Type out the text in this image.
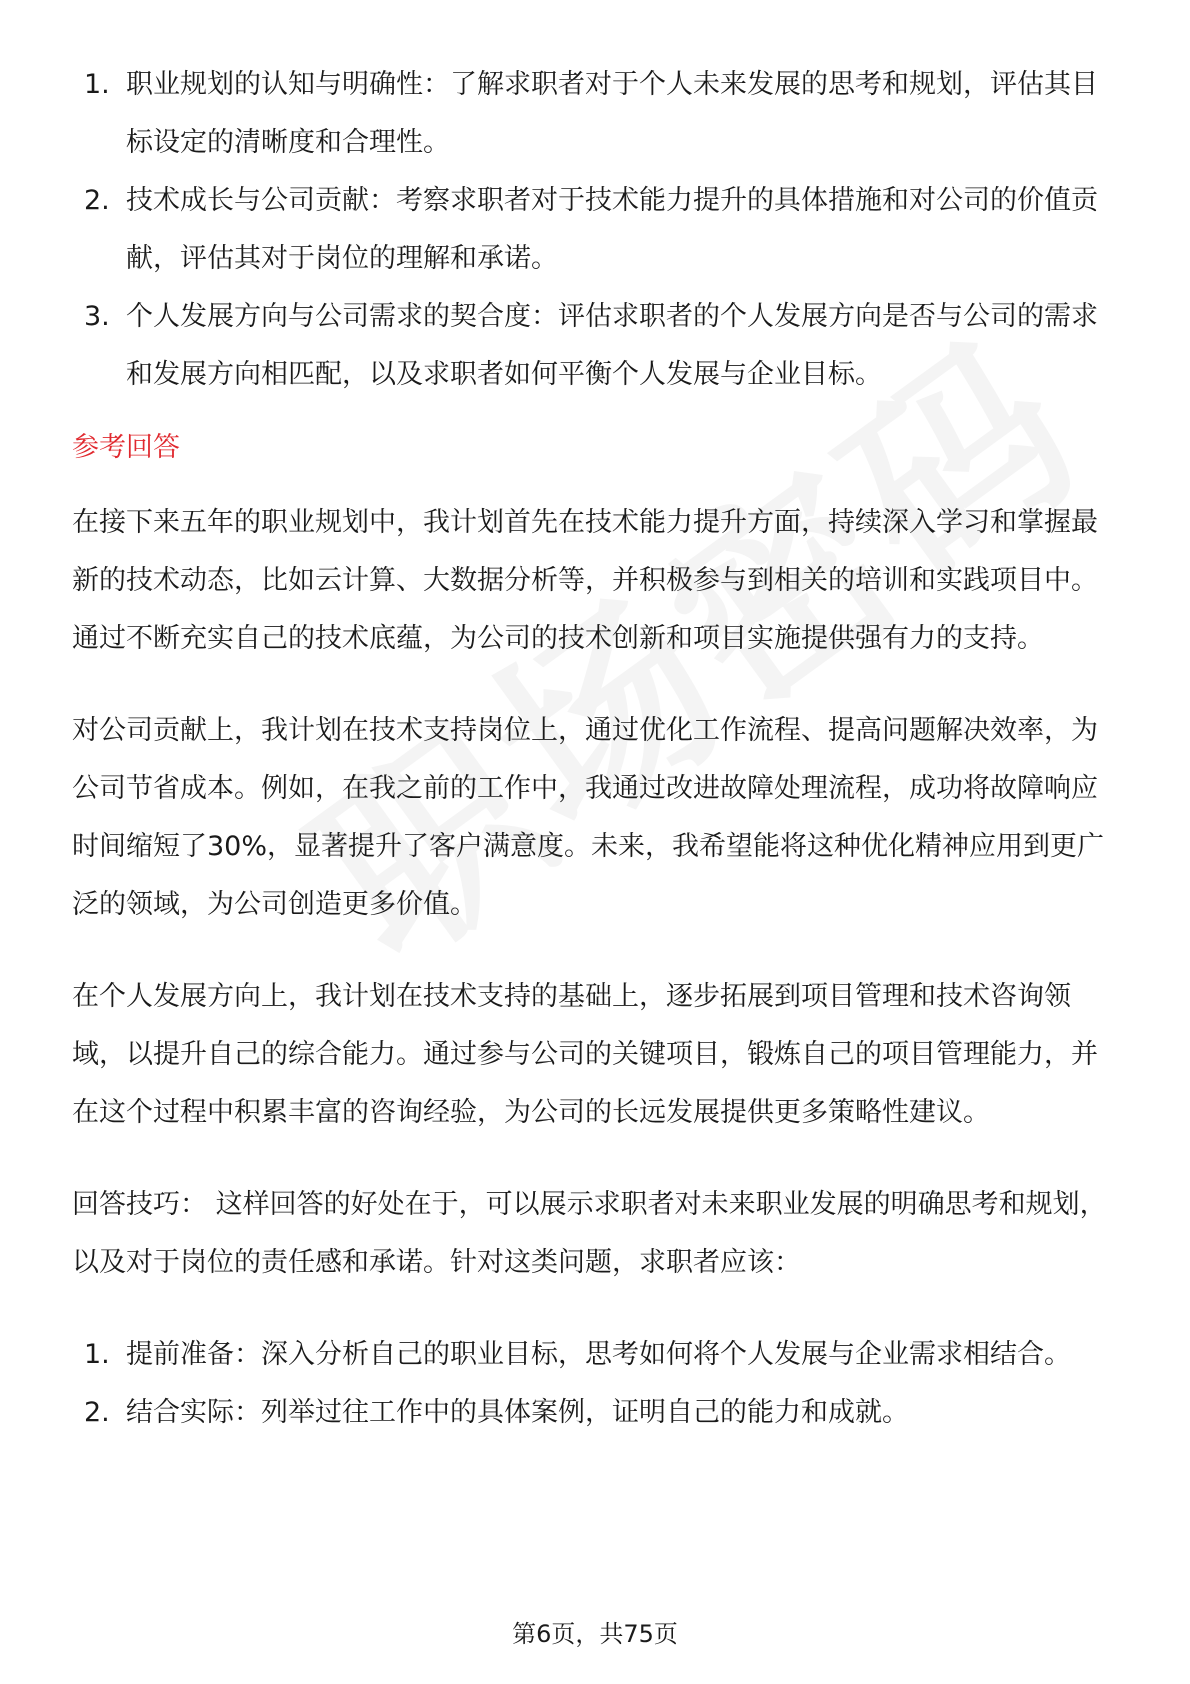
1. 职业规划的认知与明确性：了解求职者对于个人未来发展的思考和规划，评估其目标设定的清晰度和合理性。
2. 技术成长与公司贡献：考察求职者对于技术能力提升的具体措施和对公司的价值贡献，评估其对于岗位的理解和承诺。
3. 个人发展方向与公司需求的契合度：评估求职者的个人发展方向是否与公司的需求和发展方向相匹配，以及求职者如何平衡个人发展与企业目标。
参考回答

在接下来五年的职业规划中，我计划首先在技术能力提升方面，持续深入学习和掌握最新的技术动态，比如云计算、大数据分析等，并积极参与到相关的培训和实践项目中。通过不断充实自己的技术底蕴，为公司的技术创新和项目实施提供强有力的支持。

对公司贡献上，我计划在技术支持岗位上，通过优化工作流程、提高问题解决效率，为公司节省成本。例如，在我之前的工作中，我通过改进故障处理流程，成功将故障响应时间缩短了30%，显著提升了客户满意度。未来，我希望能将这种优化精神应用到更广泛的领域，为公司创造更多价值。

在个人发展方向上，我计划在技术支持的基础上，逐步拓展到项目管理和技术咨询领域，以提升自己的综合能力。通过参与公司的关键项目，锻炼自己的项目管理能力，并在这个过程中积累丰富的咨询经验，为公司的长远发展提供更多策略性建议。

回答技巧： 这样回答的好处在于，可以展示求职者对未来职业发展的明确思考和规划，以及对于岗位的责任感和承诺。针对这类问题，求职者应该：

1. 提前准备：深入分析自己的职业目标，思考如何将个人发展与企业需求相结合。
2. 结合实际：列举过往工作中的具体案例，证明自己的能力和成就。
第6页，共75页
